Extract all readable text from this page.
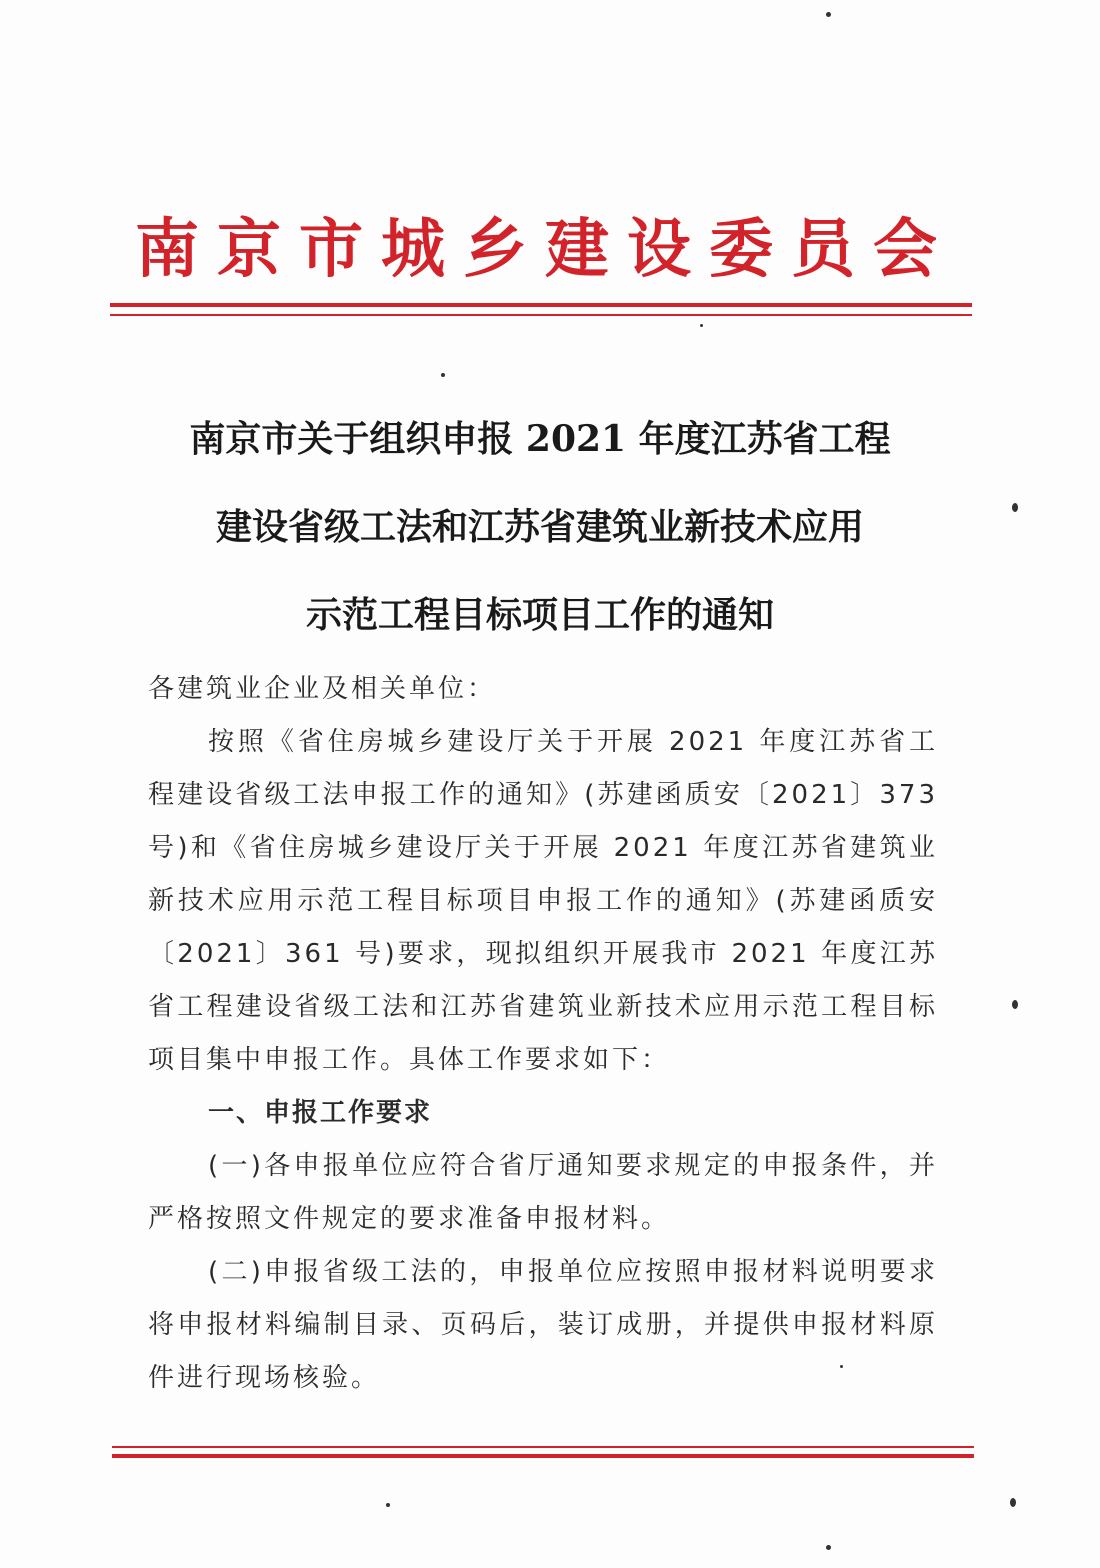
南京市城乡建设委员会
南京市关于组织申报 2021 年度江苏省工程
建设省级工法和江苏省建筑业新技术应用
示范工程目标项目工作的通知

各建筑业企业及相关单位：

按照《省住房城乡建设厅关于开展 2021 年度江苏省工程建设省级工法申报工作的通知》(苏建函质安〔2021〕373 号)和《省住房城乡建设厅关于开展 2021 年度江苏省建筑业新技术应用示范工程目标项目申报工作的通知》(苏建函质安〔2021〕361 号)要求，现拟组织开展我市 2021 年度江苏省工程建设省级工法和江苏省建筑业新技术应用示范工程目标项目集中申报工作。具体工作要求如下：

一、申报工作要求

(一)各申报单位应符合省厅通知要求规定的申报条件，并严格按照文件规定的要求准备申报材料。

(二)申报省级工法的，申报单位应按照申报材料说明要求将申报材料编制目录、页码后，装订成册，并提供申报材料原件进行现场核验。
